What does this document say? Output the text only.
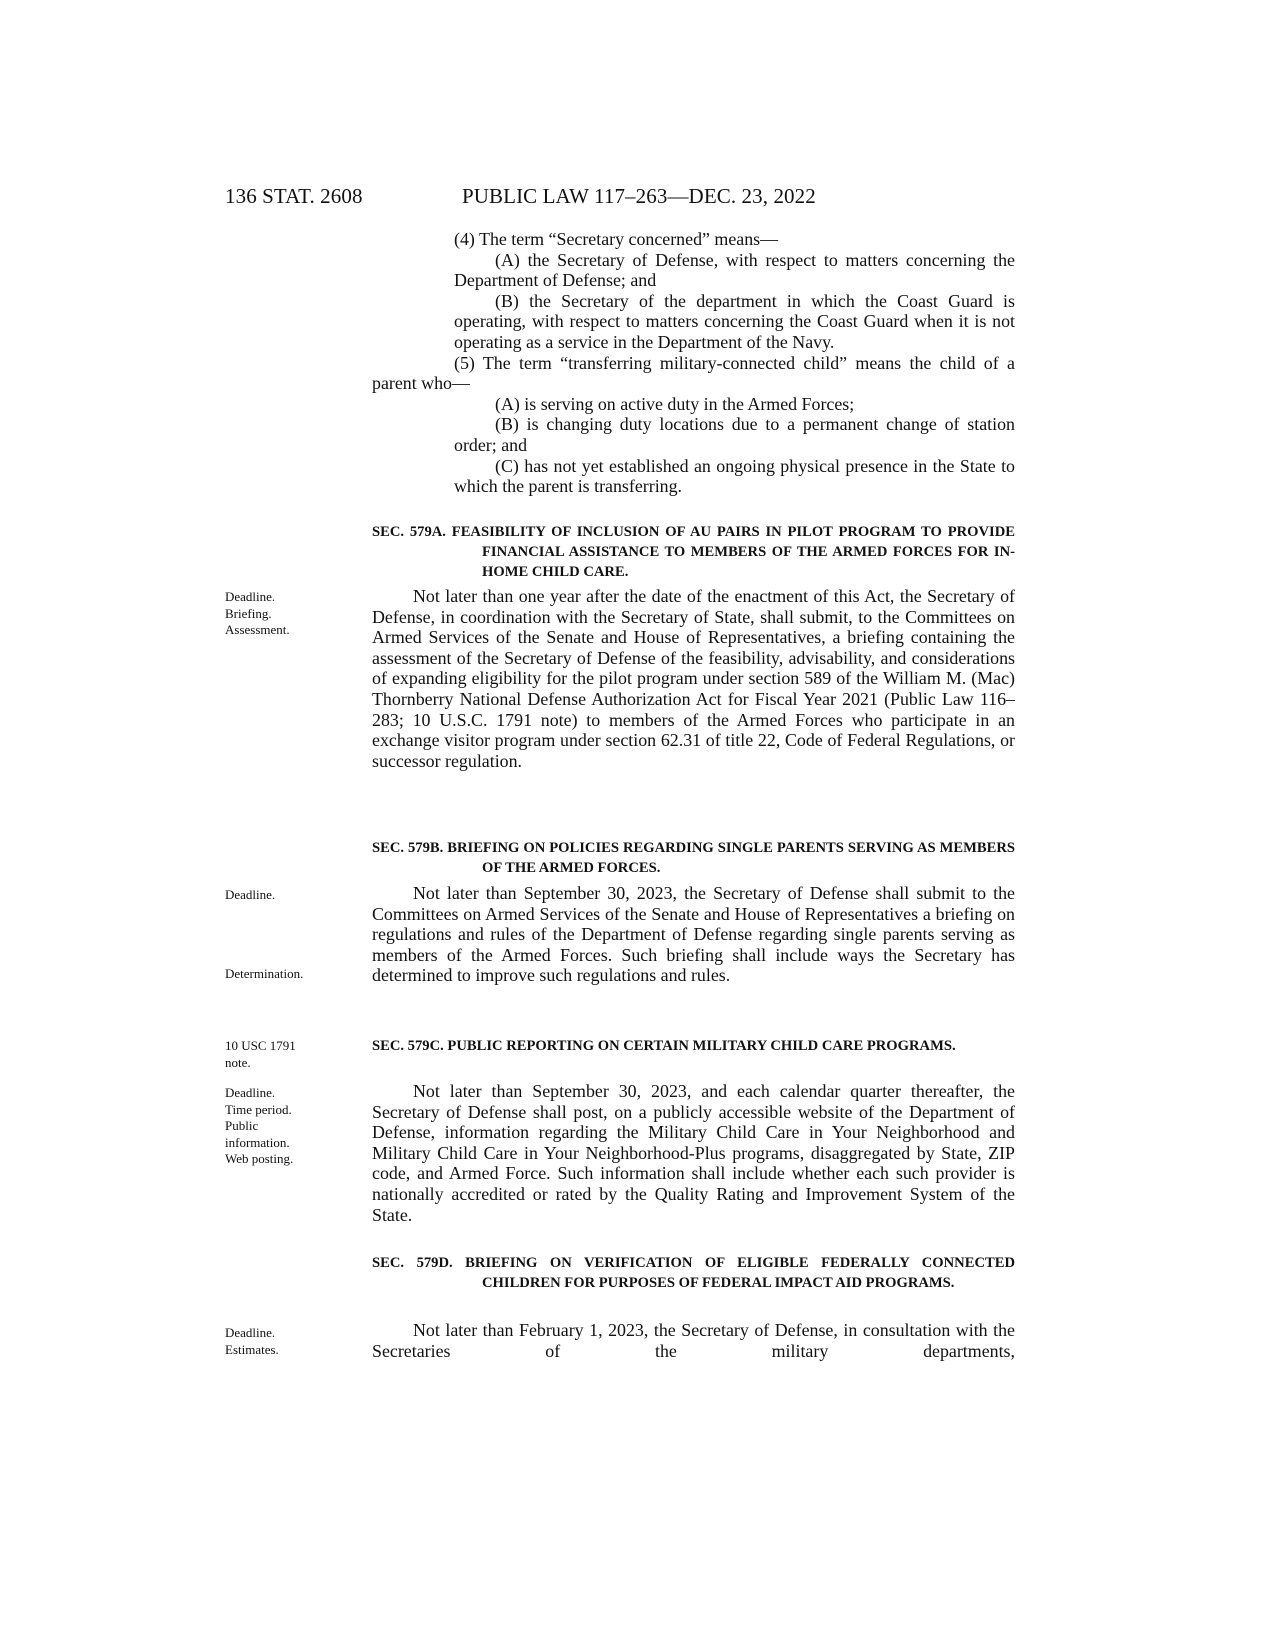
136 STAT. 2608	PUBLIC LAW 117–263—DEC. 23, 2022

(4) The term “Secretary concerned” means—

(A) the Secretary of Defense, with respect to matters concerning the Department of Defense; and

(B) the Secretary of the department in which the Coast Guard is operating, with respect to matters concerning the Coast Guard when it is not operating as a service in the Department of the Navy.

(5) The term “transferring military-connected child” means the child of a parent who—

(A) is serving on active duty in the Armed Forces;

(B) is changing duty locations due to a permanent change of station order; and

(C) has not yet established an ongoing physical presence in the State to which the parent is transferring.

SEC. 579A. FEASIBILITY OF INCLUSION OF AU PAIRS IN PILOT PROGRAM TO PROVIDE FINANCIAL ASSISTANCE TO MEMBERS OF THE ARMED FORCES FOR IN-HOME CHILD CARE.
Deadline.
Briefing.
Assessment.

Not later than one year after the date of the enactment of this Act, the Secretary of Defense, in coordination with the Secretary of State, shall submit, to the Committees on Armed Services of the Senate and House of Representatives, a briefing containing the assessment of the Secretary of Defense of the feasibility, advisability, and considerations of expanding eligibility for the pilot program under section 589 of the William M. (Mac) Thornberry National Defense Authorization Act for Fiscal Year 2021 (Public Law 116–283; 10 U.S.C. 1791 note) to members of the Armed Forces who participate in an exchange visitor program under section 62.31 of title 22, Code of Federal Regulations, or successor regulation.

SEC. 579B. BRIEFING ON POLICIES REGARDING SINGLE PARENTS SERVING AS MEMBERS OF THE ARMED FORCES.
Deadline.
Determination.

Not later than September 30, 2023, the Secretary of Defense shall submit to the Committees on Armed Services of the Senate and House of Representatives a briefing on regulations and rules of the Department of Defense regarding single parents serving as members of the Armed Forces. Such briefing shall include ways the Secretary has determined to improve such regulations and rules.

10 USC 1791
note.
SEC. 579C. PUBLIC REPORTING ON CERTAIN MILITARY CHILD CARE PROGRAMS.
Deadline.
Time period.
Public
information.
Web posting.

Not later than September 30, 2023, and each calendar quarter thereafter, the Secretary of Defense shall post, on a publicly accessible website of the Department of Defense, information regarding the Military Child Care in Your Neighborhood and Military Child Care in Your Neighborhood-Plus programs, disaggregated by State, ZIP code, and Armed Force. Such information shall include whether each such provider is nationally accredited or rated by the Quality Rating and Improvement System of the State.

SEC. 579D. BRIEFING ON VERIFICATION OF ELIGIBLE FEDERALLY CONNECTED CHILDREN FOR PURPOSES OF FEDERAL IMPACT AID PROGRAMS.
Deadline.
Estimates.

Not later than February 1, 2023, the Secretary of Defense, in consultation with the Secretaries of the military departments,
